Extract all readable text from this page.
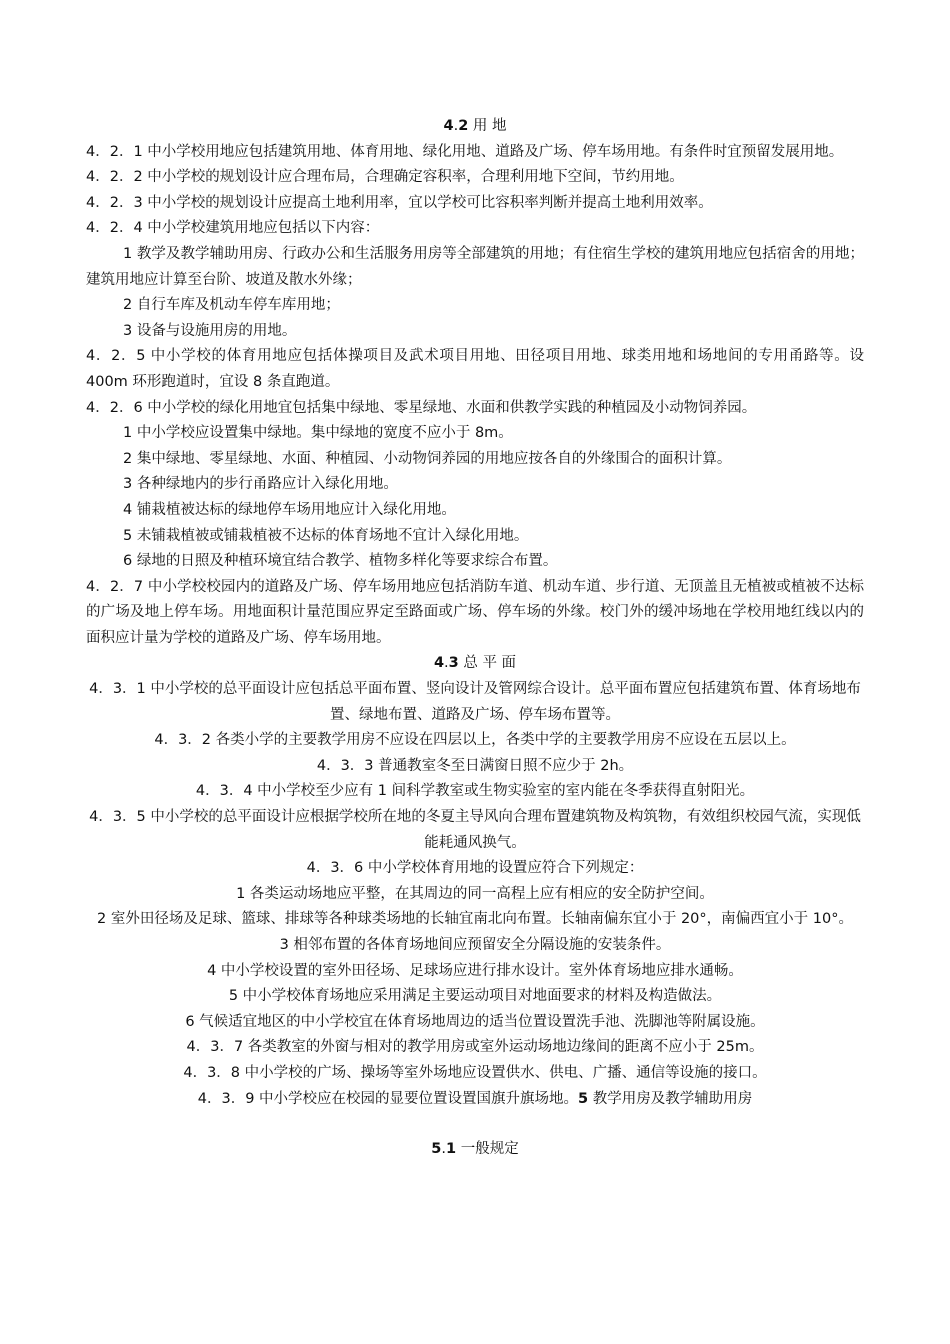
4.2 用 地
4．2．1 中小学校用地应包括建筑用地、体育用地、绿化用地、道路及广场、停车场用地。有条件时宜预留发展用地。
4．2．2 中小学校的规划设计应合理布局，合理确定容积率，合理利用地下空间，节约用地。
4．2．3 中小学校的规划设计应提高土地利用率，宜以学校可比容积率判断并提高土地利用效率。
4．2．4 中小学校建筑用地应包括以下内容：
1 教学及教学辅助用房、行政办公和生活服务用房等全部建筑的用地；有住宿生学校的建筑用地应包括宿舍的用地；建筑用地应计算至台阶、坡道及散水外缘；
2 自行车库及机动车停车库用地；
3 设备与设施用房的用地。
4．2．5 中小学校的体育用地应包括体操项目及武术项目用地、田径项目用地、球类用地和场地间的专用甬路等。设 400m 环形跑道时，宜设 8 条直跑道。
4．2．6 中小学校的绿化用地宜包括集中绿地、零星绿地、水面和供教学实践的种植园及小动物饲养园。
1 中小学校应设置集中绿地。集中绿地的宽度不应小于 8m。
2 集中绿地、零星绿地、水面、种植园、小动物饲养园的用地应按各自的外缘围合的面积计算。
3 各种绿地内的步行甬路应计入绿化用地。
4 铺栽植被达标的绿地停车场用地应计入绿化用地。
5 未铺栽植被或铺栽植被不达标的体育场地不宜计入绿化用地。
6 绿地的日照及种植环境宜结合教学、植物多样化等要求综合布置。
4．2．7 中小学校校园内的道路及广场、停车场用地应包括消防车道、机动车道、步行道、无顶盖且无植被或植被不达标的广场及地上停车场。用地面积计量范围应界定至路面或广场、停车场的外缘。校门外的缓冲场地在学校用地红线以内的面积应计量为学校的道路及广场、停车场用地。
4.3 总 平 面
4．3．1 中小学校的总平面设计应包括总平面布置、竖向设计及管网综合设计。总平面布置应包括建筑布置、体育场地布置、绿地布置、道路及广场、停车场布置等。
4．3．2 各类小学的主要教学用房不应设在四层以上，各类中学的主要教学用房不应设在五层以上。
4．3．3 普通教室冬至日满窗日照不应少于 2h。
4．3．4 中小学校至少应有 1 间科学教室或生物实验室的室内能在冬季获得直射阳光。
4．3．5 中小学校的总平面设计应根据学校所在地的冬夏主导风向合理布置建筑物及构筑物，有效组织校园气流，实现低能耗通风换气。
4．3．6 中小学校体育用地的设置应符合下列规定：
1 各类运动场地应平整，在其周边的同一高程上应有相应的安全防护空间。
2 室外田径场及足球、篮球、排球等各种球类场地的长轴宜南北向布置。长轴南偏东宜小于 20°，南偏西宜小于 10°。
3 相邻布置的各体育场地间应预留安全分隔设施的安装条件。
4 中小学校设置的室外田径场、足球场应进行排水设计。室外体育场地应排水通畅。
5 中小学校体育场地应采用满足主要运动项目对地面要求的材料及构造做法。
6 气候适宜地区的中小学校宜在体育场地周边的适当位置设置洗手池、洗脚池等附属设施。
4．3．7 各类教室的外窗与相对的教学用房或室外运动场地边缘间的距离不应小于 25m。
4．3．8 中小学校的广场、操场等室外场地应设置供水、供电、广播、通信等设施的接口。
4．3．9 中小学校应在校园的显要位置设置国旗升旗场地。5 教学用房及教学辅助用房
5.1 一般规定
